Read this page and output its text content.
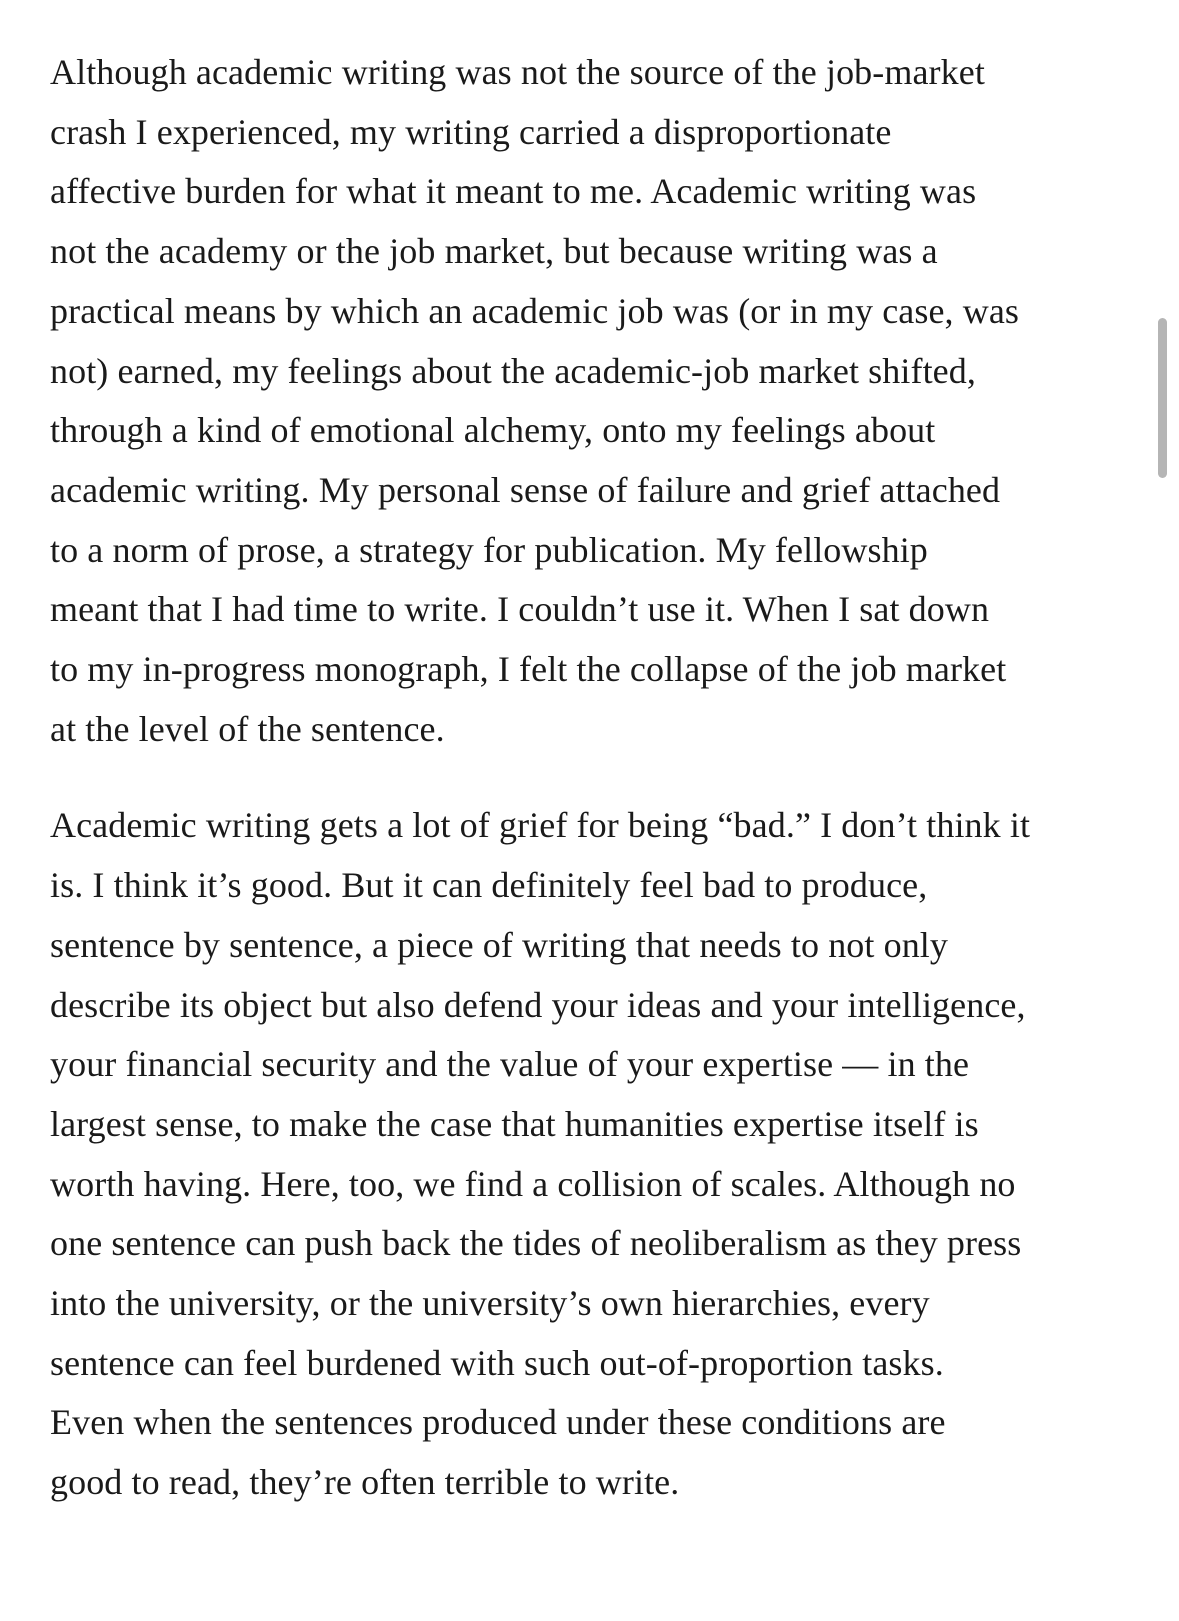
Although academic writing was not the source of the job-market
crash I experienced, my writing carried a disproportionate
affective burden for what it meant to me. Academic writing was
not the academy or the job market, but because writing was a
practical means by which an academic job was (or in my case, was
not) earned, my feelings about the academic-job market shifted,
through a kind of emotional alchemy, onto my feelings about
academic writing. My personal sense of failure and grief attached
to a norm of prose, a strategy for publication. My fellowship
meant that I had time to write. I couldn’t use it. When I sat down
to my in-progress monograph, I felt the collapse of the job market
at the level of the sentence.

Academic writing gets a lot of grief for being “bad.” I don’t think it
is. I think it’s good. But it can definitely feel bad to produce,
sentence by sentence, a piece of writing that needs to not only
describe its object but also defend your ideas and your intelligence,
your financial security and the value of your expertise — in the
largest sense, to make the case that humanities expertise itself is
worth having. Here, too, we find a collision of scales. Although no
one sentence can push back the tides of neoliberalism as they press
into the university, or the university’s own hierarchies, every
sentence can feel burdened with such out-of-proportion tasks.
Even when the sentences produced under these conditions are
good to read, they’re often terrible to write.
